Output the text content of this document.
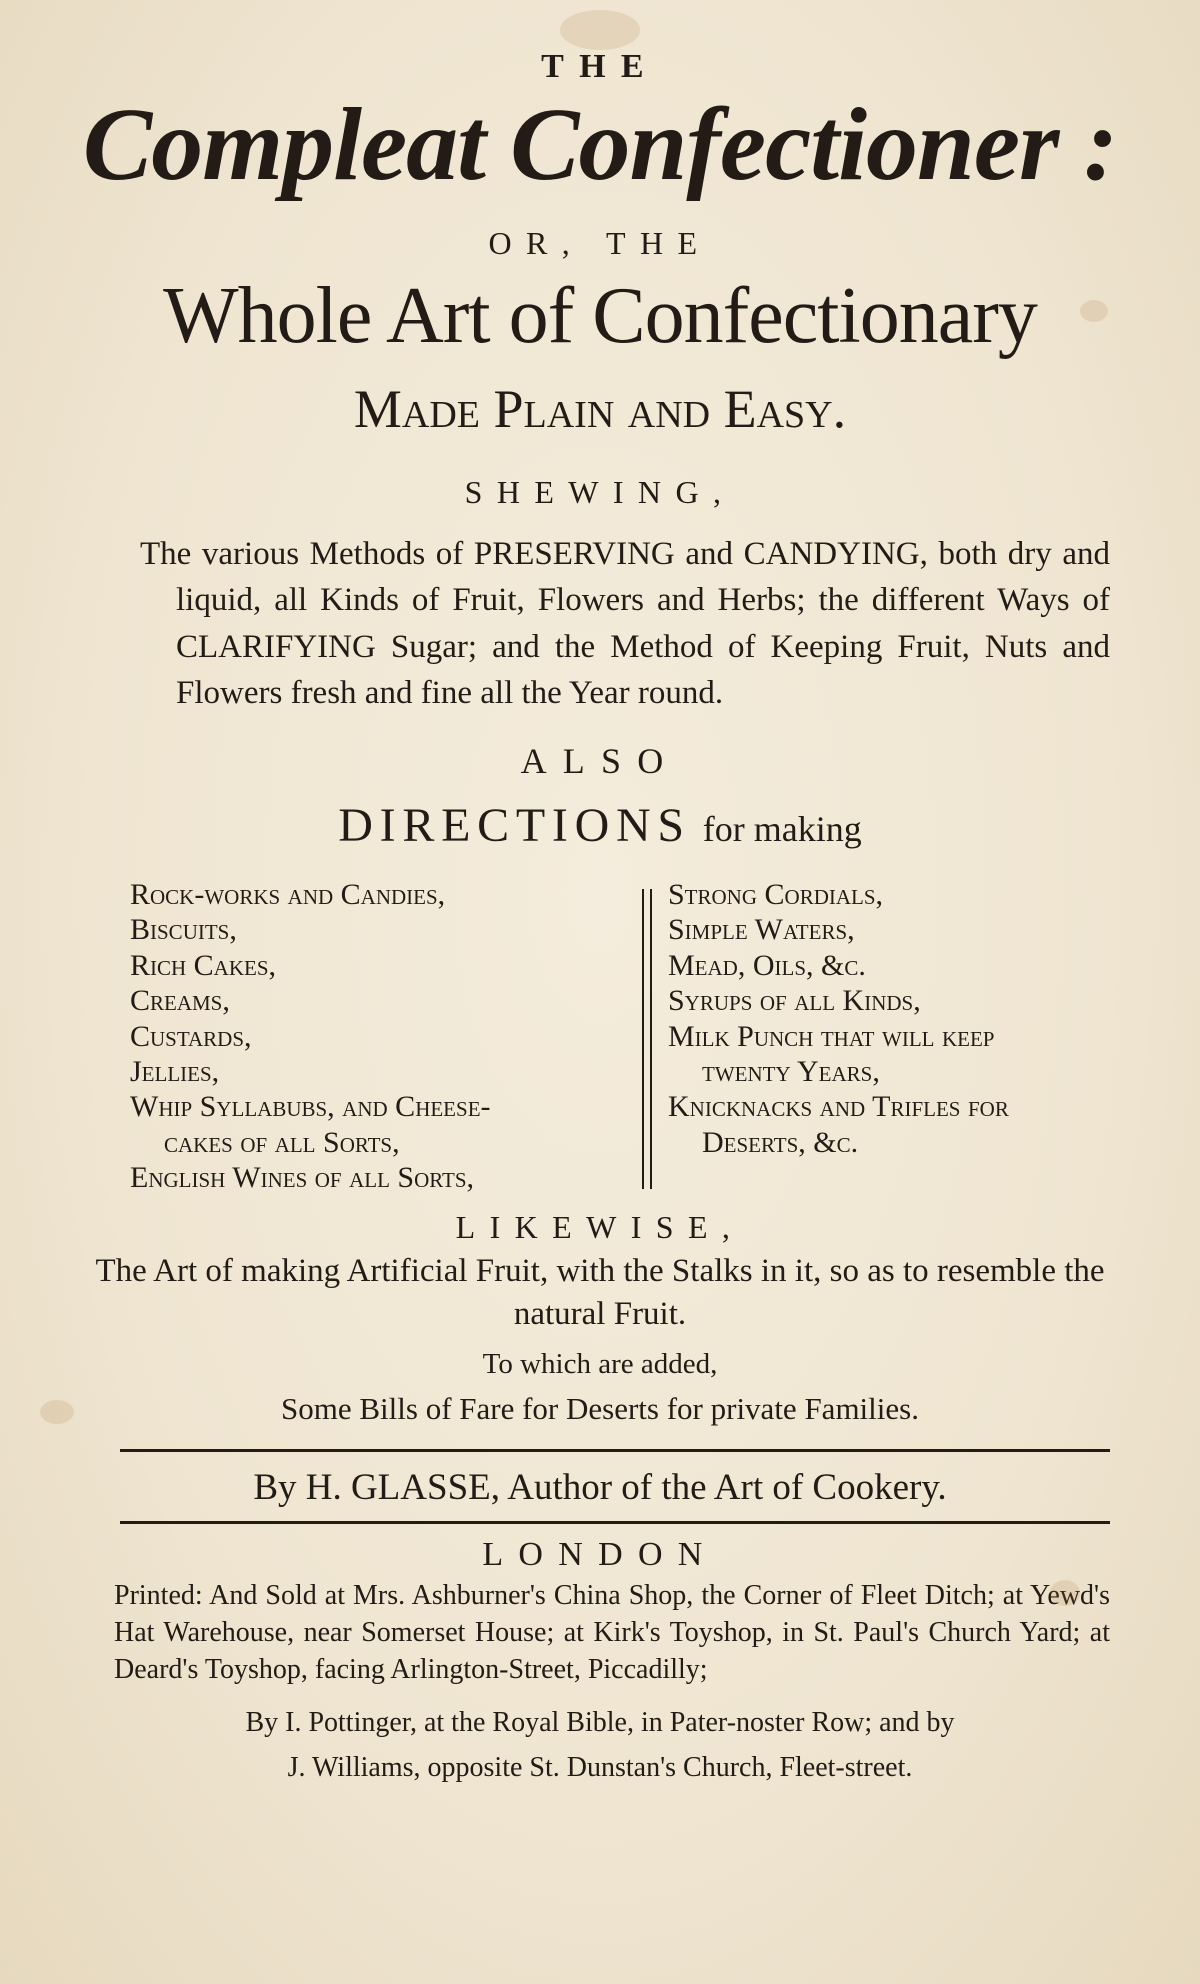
THE
Compleat Confectioner :
OR, THE
Whole Art of Confectionary
Made Plain and Easy.
SHEWING,
The various Methods of PRESERVING and CANDYING, both dry and liquid, all Kinds of Fruit, Flowers and Herbs; the different Ways of CLARIFYING Sugar; and the Method of Keeping Fruit, Nuts and Flowers fresh and fine all the Year round.
ALSO
DIRECTIONS for making
Rock-works and Candies,
Biscuits,
Rich Cakes,
Creams,
Custards,
Jellies,
Whip Syllabubs, and Cheese-
cakes of all Sorts,
English Wines of all Sorts,
Strong Cordials,
Simple Waters,
Mead, Oils, &c.
Syrups of all Kinds,
Milk Punch that will keep
twenty Years,
Knicknacks and Trifles for
Deserts, &c.
LIKEWISE,
The Art of making Artificial Fruit, with the Stalks in it, so as to resemble the natural Fruit.
To which are added,
Some Bills of Fare for Deserts for private Families.
By H. GLASSE, Author of the Art of Cookery.
LONDON
Printed: And Sold at Mrs. Ashburner's China Shop, the Corner of Fleet Ditch; at Yewd's Hat Warehouse, near Somerset House; at Kirk's Toyshop, in St. Paul's Church Yard; at Deard's Toyshop, facing Arlington-Street, Piccadilly;
By I. Pottinger, at the Royal Bible, in Pater-noster Row; and by
J. Williams, opposite St. Dunstan's Church, Fleet-street.
